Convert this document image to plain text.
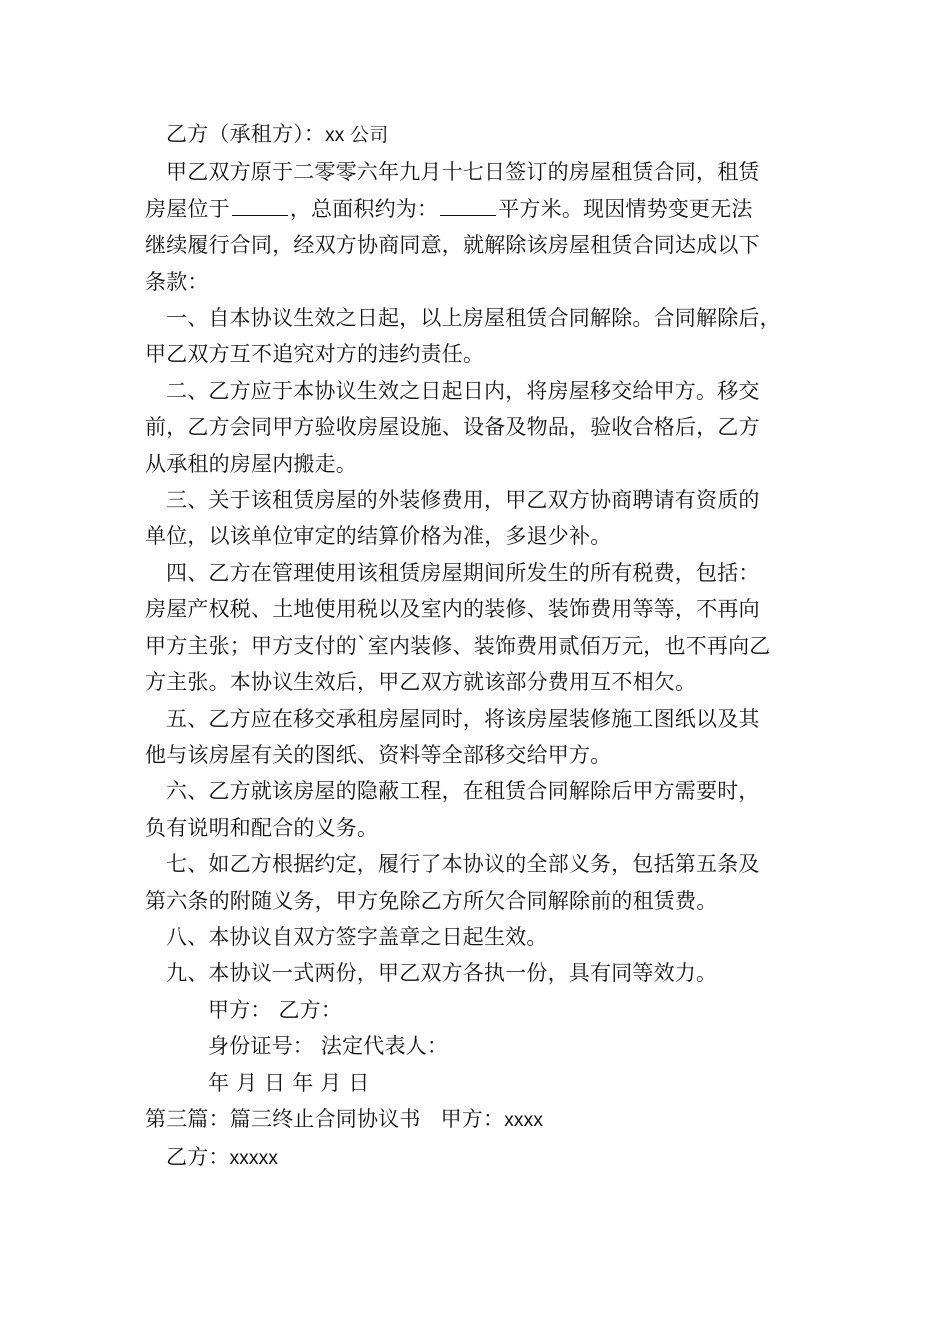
乙方（承租方）：xx 公司
甲乙双方原于二零零六年九月十七日签订的房屋租赁合同，租赁
房屋位于	，总面积约为：	平方米。现因情势变更无法
继续履行合同，经双方协商同意，就解除该房屋租赁合同达成以下
条款：
一、自本协议生效之日起，以上房屋租赁合同解除。合同解除后，
甲乙双方互不追究对方的违约责任。
二、乙方应于本协议生效之日起日内，将房屋移交给甲方。移交
前，乙方会同甲方验收房屋设施、设备及物品，验收合格后，乙方
从承租的房屋内搬走。
三、关于该租赁房屋的外装修费用，甲乙双方协商聘请有资质的
单位，以该单位审定的结算价格为准，多退少补。
四、乙方在管理使用该租赁房屋期间所发生的所有税费，包括：
房屋产权税、土地使用税以及室内的装修、装饰费用等等，不再向
甲方主张；甲方支付的`室内装修、装饰费用贰佰万元，也不再向乙
方主张。本协议生效后，甲乙双方就该部分费用互不相欠。
五、乙方应在移交承租房屋同时，将该房屋装修施工图纸以及其
他与该房屋有关的图纸、资料等全部移交给甲方。
六、乙方就该房屋的隐蔽工程，在租赁合同解除后甲方需要时，
负有说明和配合的义务。
七、如乙方根据约定，履行了本协议的全部义务，包括第五条及
第六条的附随义务，甲方免除乙方所欠合同解除前的租赁费。
八、本协议自双方签字盖章之日起生效。
九、本协议一式两份，甲乙双方各执一份，具有同等效力。
甲方： 乙方：
身份证号： 法定代表人：
年 月 日 年 月 日
第三篇：篇三终止合同协议书 甲方：xxxx
乙方：xxxxx
